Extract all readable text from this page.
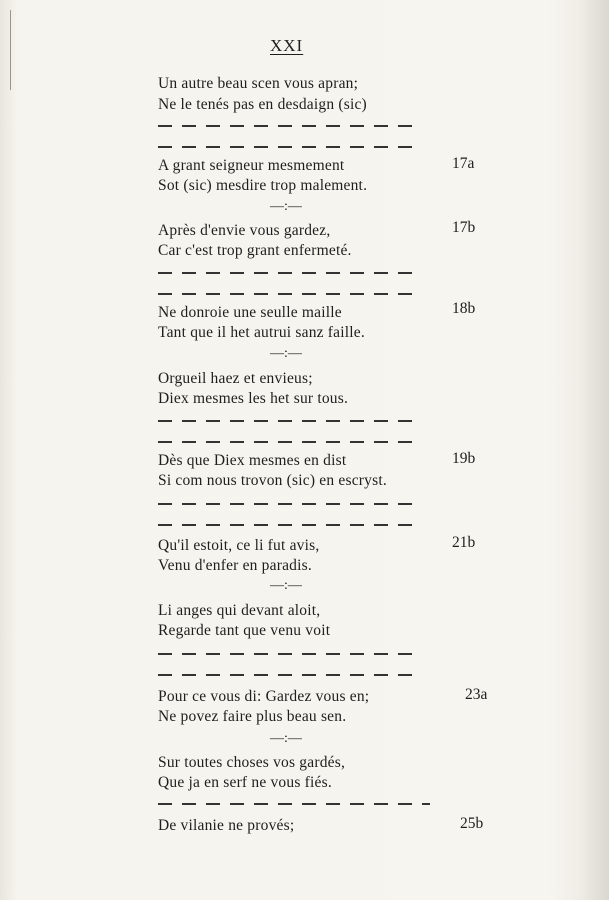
XXI
Un autre beau scen vous apran;
Ne le tenés pas en desdaign (sic)
A grant seigneur mesmement	17a
Sot (sic) mesdire trop malement.
—:—
Après d'envie vous gardez,	17b
Car c'est trop grant enfermeté.
Ne donroie une seulle maille	18b
Tant que il het autrui sanz faille.
—:—
Orgueil haez et envieus;
Diex mesmes les het sur tous.
Dès que Diex mesmes en dist	19b
Si com nous trovon (sic) en escryst.
Qu'il estoit, ce li fut avis,	21b
Venu d'enfer en paradis.
—:—
Li anges qui devant aloit,
Regarde tant que venu voit
Pour ce vous di: Gardez vous en;	23a
Ne povez faire plus beau sen.
—:—
Sur toutes choses vos gardés,
Que ja en serf ne vous fiés.
De vilanie ne provés;	25b
